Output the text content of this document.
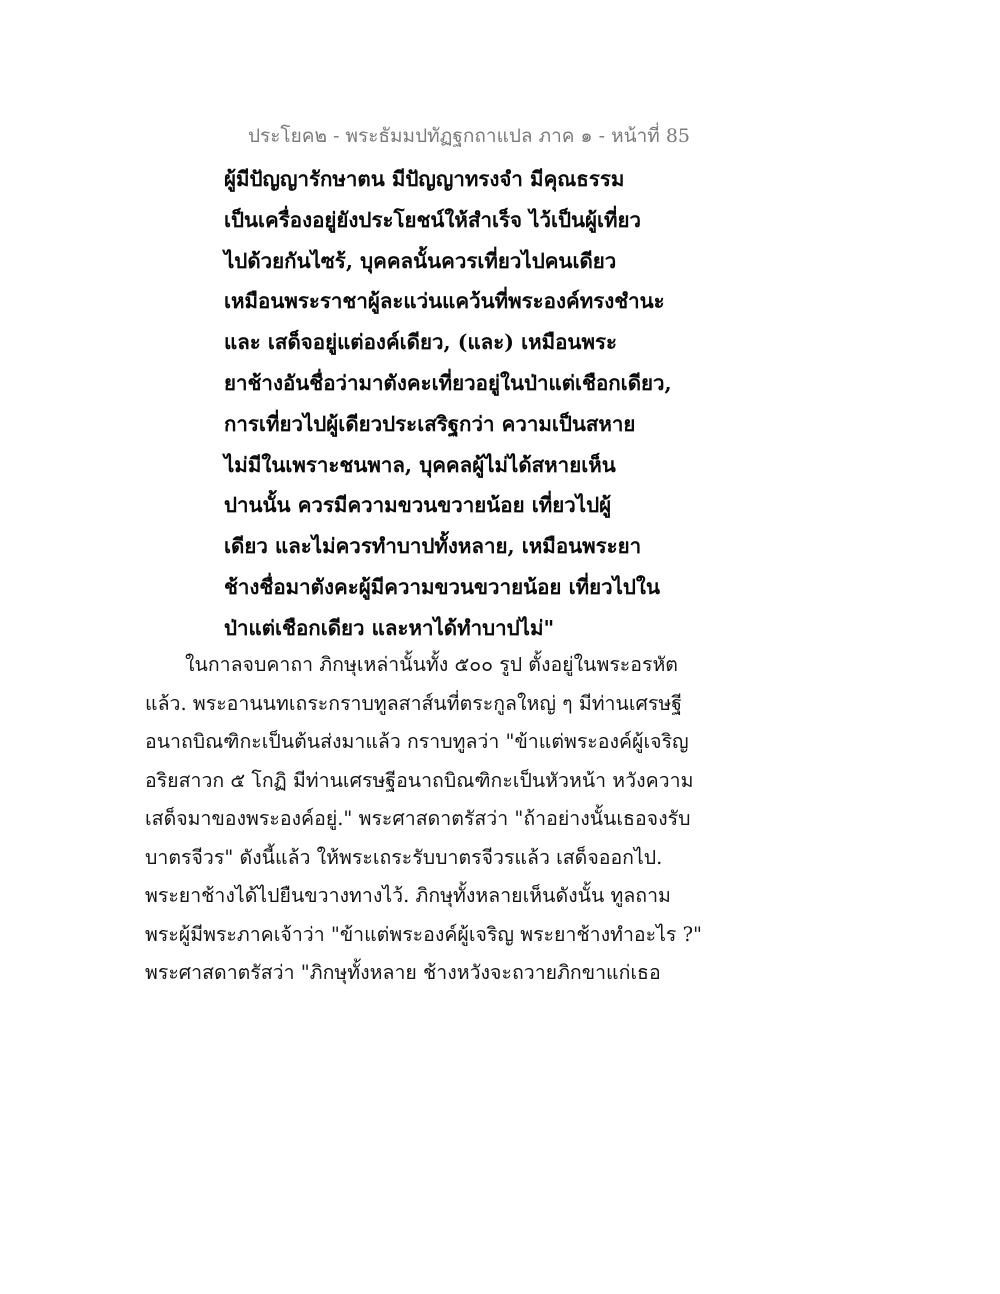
ประโยค๒ - พระธัมมปทัฏฐกถาแปล ภาค ๑ - หน้าที่ 85
ผู้มีปัญญารักษาตน มีปัญญาทรงจำ มีคุณธรรม
เป็นเครื่องอยู่ยังประโยชน์ให้สำเร็จ ไว้เป็นผู้เที่ยว
ไปด้วยกันไซร้, บุคคลนั้นควรเที่ยวไปคนเดียว
เหมือนพระราชาผู้ละแว่นแคว้นที่พระองค์ทรงชำนะ
และ เสด็จอยู่แต่องค์เดียว, (และ) เหมือนพระ
ยาช้างอันชื่อว่ามาตังคะเที่ยวอยู่ในป่าแต่เชือกเดียว,
การเที่ยวไปผู้เดียวประเสริฐกว่า ความเป็นสหาย
ไม่มีในเพราะชนพาล, บุคคลผู้ไม่ได้สหายเห็น
ปานนั้น ควรมีความขวนขวายน้อย เที่ยวไปผู้
เดียว และไม่ควรทำบาปทั้งหลาย, เหมือนพระยา
ช้างชื่อมาตังคะผู้มีความขวนขวายน้อย เที่ยวไปใน
ป่าแต่เชือกเดียว และหาได้ทำบาปไม่"
ในกาลจบคาถา ภิกษุเหล่านั้นทั้ง ๕๐๐ รูป ตั้งอยู่ในพระอรหัต
แล้ว. พระอานนทเถระกราบทูลสาส์นที่ตระกูลใหญ่ ๆ มีท่านเศรษฐี
อนาถบิณฑิกะเป็นต้นส่งมาแล้ว กราบทูลว่า "ข้าแต่พระองค์ผู้เจริญ
อริยสาวก ๕ โกฏิ มีท่านเศรษฐีอนาถบิณฑิกะเป็นหัวหน้า หวังความ
เสด็จมาของพระองค์อยู่." พระศาสดาตรัสว่า "ถ้าอย่างนั้นเธอจงรับ
บาตรจีวร" ดังนี้แล้ว ให้พระเถระรับบาตรจีวรแล้ว เสด็จออกไป.
พระยาช้างได้ไปยืนขวางทางไว้. ภิกษุทั้งหลายเห็นดังนั้น ทูลถาม
พระผู้มีพระภาคเจ้าว่า "ข้าแต่พระองค์ผู้เจริญ พระยาช้างทำอะไร ?"
พระศาสดาตรัสว่า "ภิกษุทั้งหลาย ช้างหวังจะถวายภิกขาแก่เธอ
